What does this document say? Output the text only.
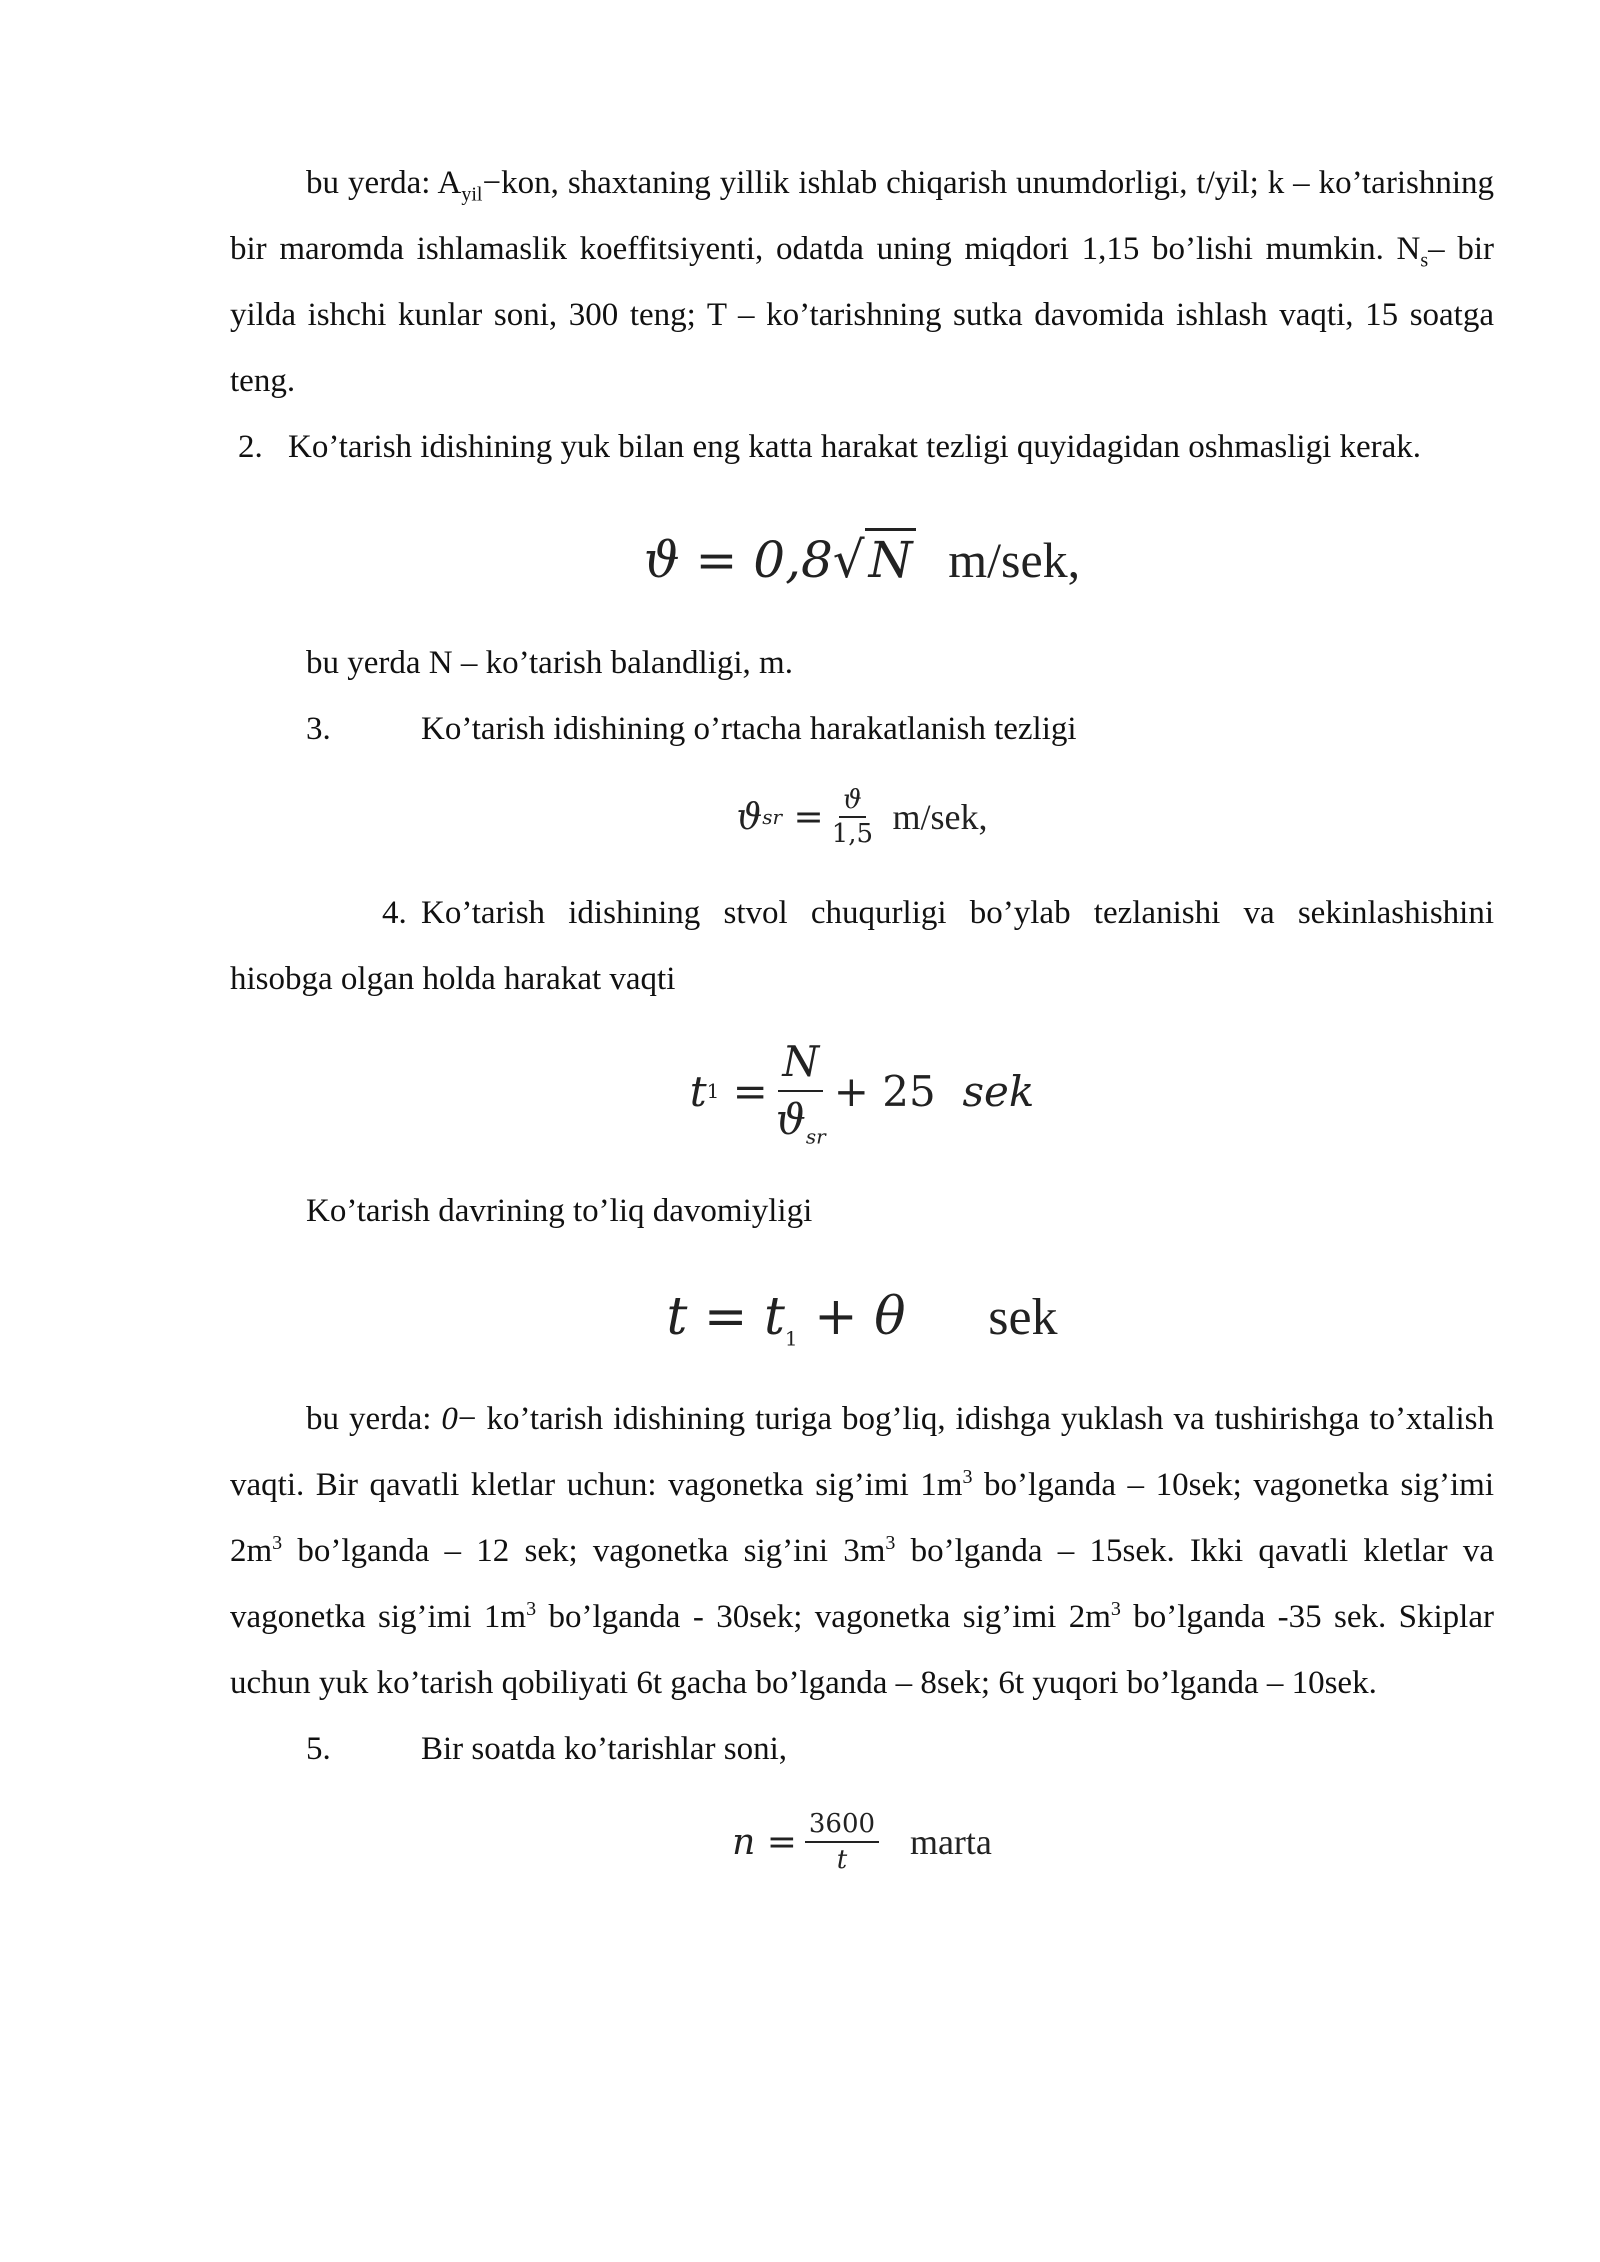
bu yerda: $A_{yil}-kon$, shaxtaning yillik ishlab chiqarish unumdorligi, t/yil; k – ko’tarishning bir maromda ishlamaslik koeffitsiyenti, odatda uning miqdori 1,15 bo’lishi mumkin. $N_s-$ bir yilda ishchi kunlar soni, 300 teng; T – ko’tarishning sutka davomida ishlash vaqti, 15 soatga teng.

2. Ko’tarish idishining yuk bilan eng katta harakat tezligi quyidagidan oshmasligi kerak.

ϑ = 0,8√N m/sek,

bu yerda N – ko’tarish balandligi, m.

3.	Ko’tarish idishining o’rtacha harakatlanish tezligi

ϑ sr
= $\frac{ϑ}{1,5}$
m/sek,

4. Ko’tarish idishining stvol chuqurligi bo’ylab tezlanishi va sekinlashishini hisobga olgan holda harakat vaqti

t 1
= $\frac{N}{ϑ_{sr}} + 25$
sek

Ko’tarish davrining to’liq davomiyligi

$t = t_1 + \theta$ sek

bu yerda: 0− ko’tarish idishining turiga bog’liq, idishga yuklash va tushirishga to’xtalish vaqti. Bir qavatli kletlar uchun: vagonetka sig’imi $1m^3$ bo’lganda – 10sek; vagonetka sig’imi $2m^3$ bo’lganda – 12 sek; vagonetka sig’ini $3m^3$ bo’lganda – 15sek. Ikki qavatli kletlar va vagonetka sig’imi $1m^3$ bo’lganda - 30sek; vagonetka sig’imi $2m^3$ bo’lganda -35 sek. Skiplar uchun yuk ko’tarish qobiliyati 6t gacha bo’lganda – 8sek; 6t yuqori bo’lganda – 10sek.

5.	Bir soatda ko’tarishlar soni,

n
= $\frac{3600}{t}$
marta
